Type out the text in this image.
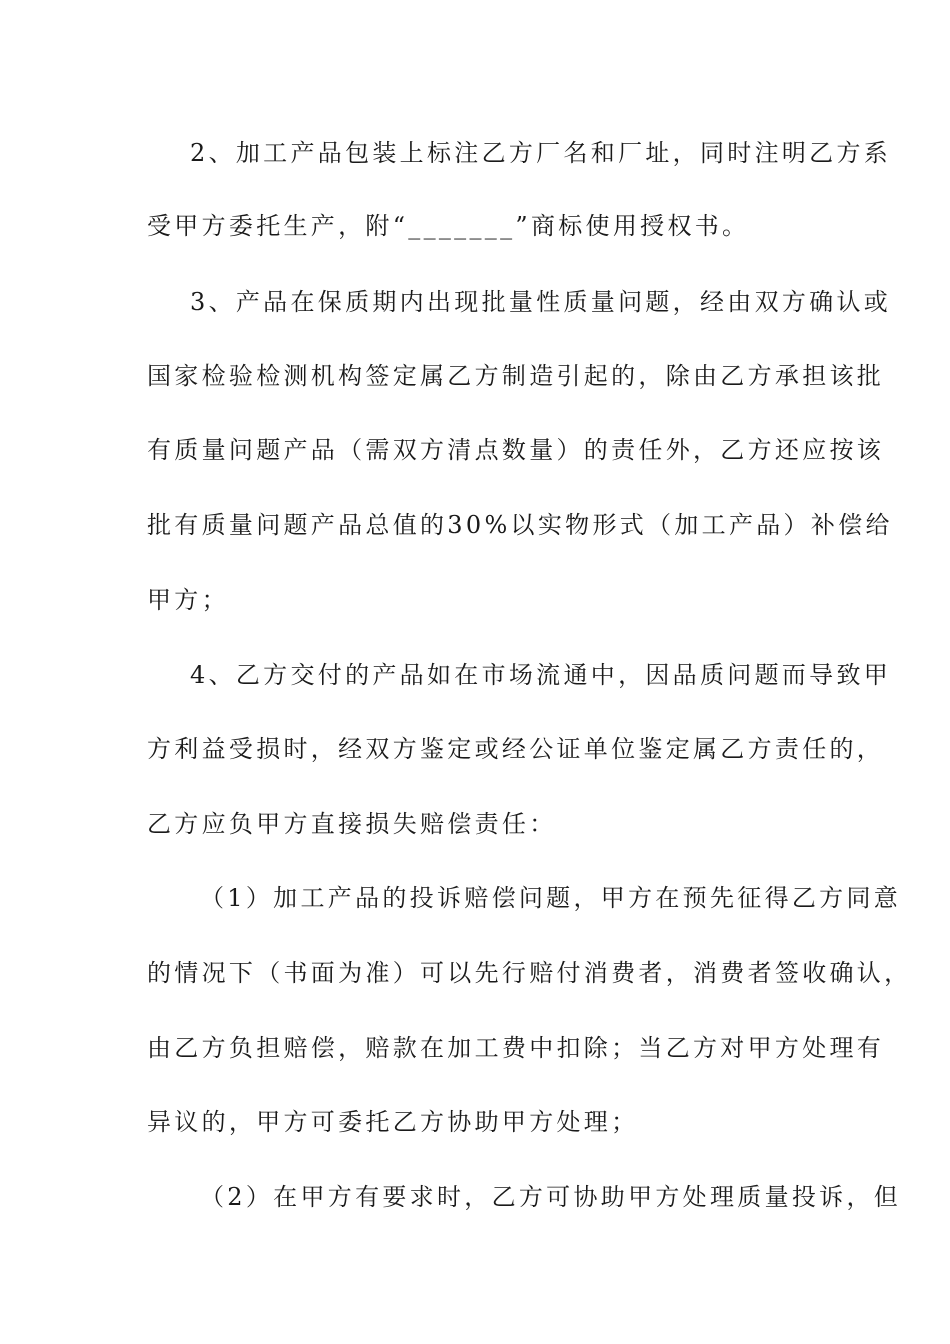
2、加工产品包装上标注乙方厂名和厂址，同时注明乙方系
受甲方委托生产，附“_______”商标使用授权书。
3、产品在保质期内出现批量性质量问题，经由双方确认或
国家检验检测机构签定属乙方制造引起的，除由乙方承担该批
有质量问题产品（需双方清点数量）的责任外，乙方还应按该
批有质量问题产品总值的30%以实物形式（加工产品）补偿给
甲方；
4、乙方交付的产品如在市场流通中，因品质问题而导致甲
方利益受损时，经双方鉴定或经公证单位鉴定属乙方责任的，
乙方应负甲方直接损失赔偿责任：
（1）加工产品的投诉赔偿问题，甲方在预先征得乙方同意
的情况下（书面为准）可以先行赔付消费者，消费者签收确认，
由乙方负担赔偿，赔款在加工费中扣除；当乙方对甲方处理有
异议的，甲方可委托乙方协助甲方处理；
（2）在甲方有要求时，乙方可协助甲方处理质量投诉，但
